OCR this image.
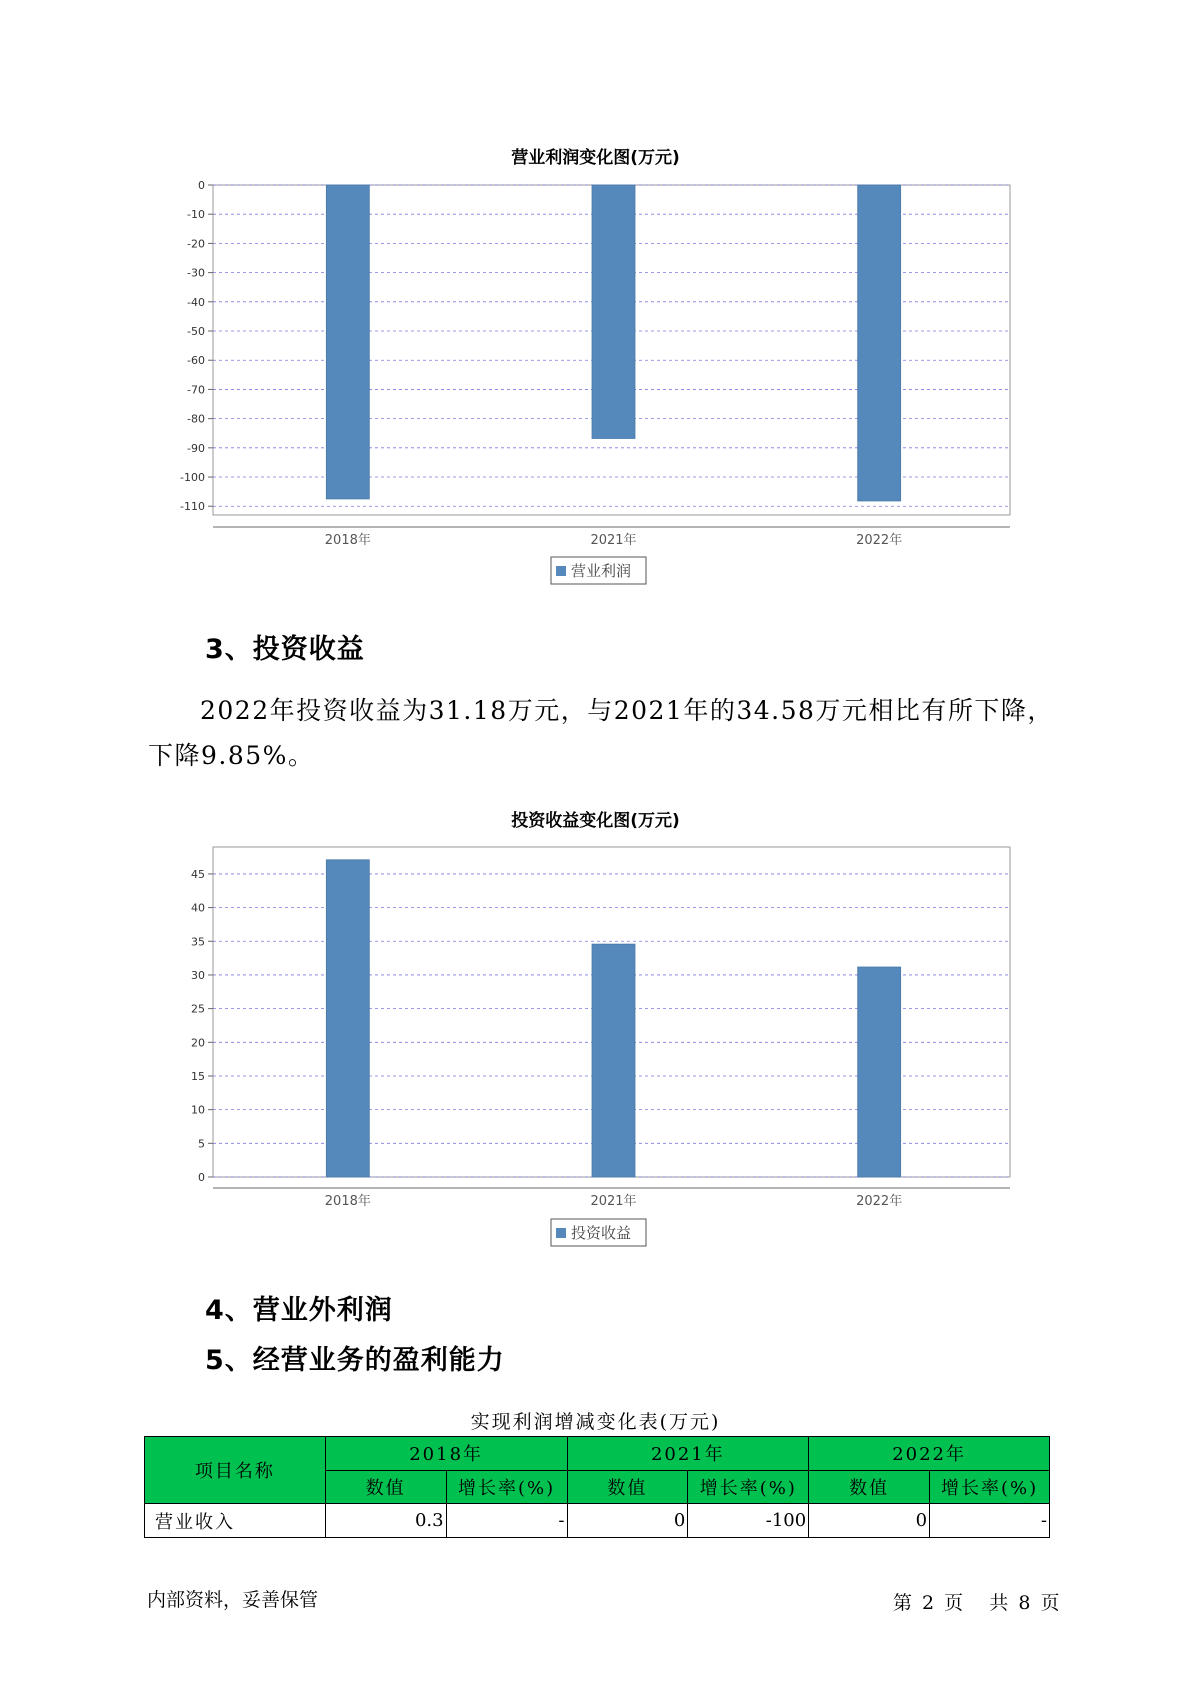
营业利润变化图(万元)
0
-10
-20
-30
-40
-50
-60
-70
-80
-90
-100
-110
2018年	2021年	2022年
营业利润
3、投资收益
2022年投资收益为31.18万元，与2021年的34.58万元相比有所下降，
下降9.85%。
投资收益变化图(万元)
0
5
10
15
20
25
30
35
40
45
2018年	2021年	2022年
投资收益
4、营业外利润
5、经营业务的盈利能力
实现利润增减变化表(万元)
项目名称	2018年		2021年		2022年	
	数值	增长率(%)	数值	增长率(%)	数值	增长率(%)
营业收入	0.3	-	0	-100	0	-
内部资料，妥善保管	第 2 页   共 8 页
